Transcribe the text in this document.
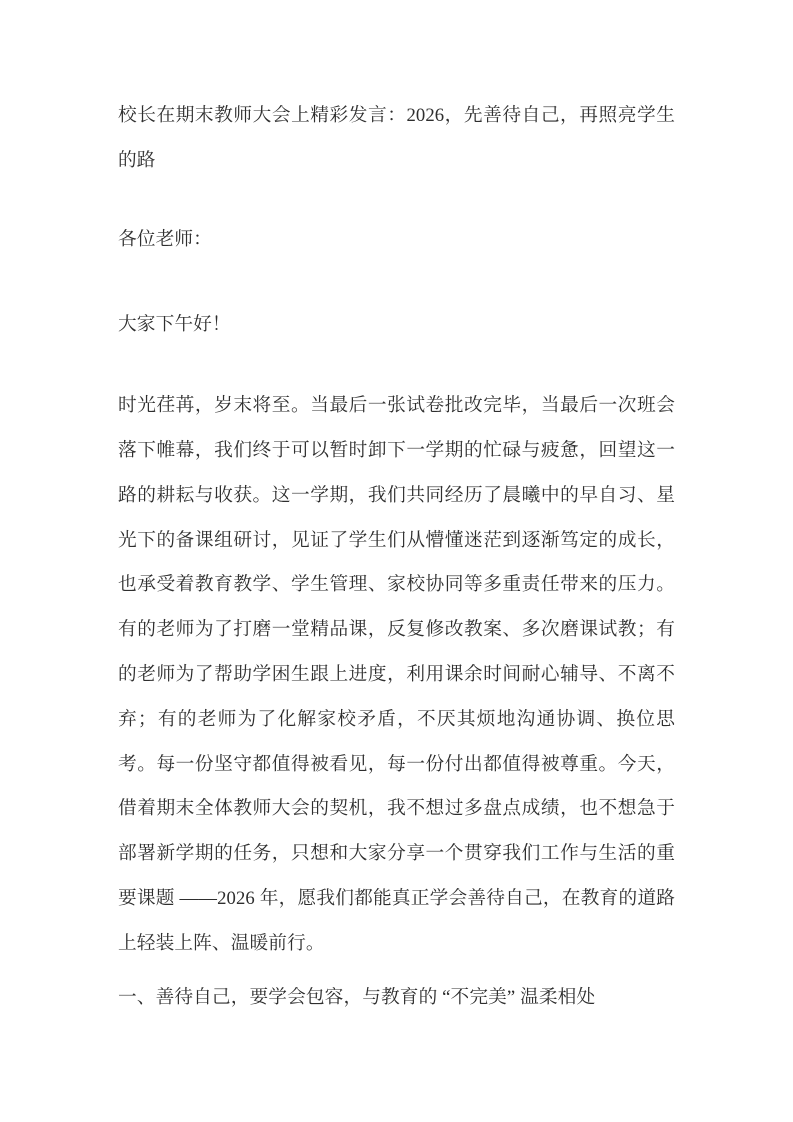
校长在期末教师大会上精彩发言：2026，先善待自己，再照亮学生的路

各位老师：

大家下午好！

时光荏苒，岁末将至。当最后一张试卷批改完毕，当最后一次班会落下帷幕，我们终于可以暂时卸下一学期的忙碌与疲惫，回望这一路的耕耘与收获。这一学期，我们共同经历了晨曦中的早自习、星光下的备课组研讨，见证了学生们从懵懂迷茫到逐渐笃定的成长，也承受着教育教学、学生管理、家校协同等多重责任带来的压力。有的老师为了打磨一堂精品课，反复修改教案、多次磨课试教；有的老师为了帮助学困生跟上进度，利用课余时间耐心辅导、不离不弃；有的老师为了化解家校矛盾，不厌其烦地沟通协调、换位思考。每一份坚守都值得被看见，每一份付出都值得被尊重。今天，借着期末全体教师大会的契机，我不想过多盘点成绩，也不想急于部署新学期的任务，只想和大家分享一个贯穿我们工作与生活的重要课题 ——2026 年，愿我们都能真正学会善待自己，在教育的道路上轻装上阵、温暖前行。

一、善待自己，要学会包容，与教育的 “不完美” 温柔相处
